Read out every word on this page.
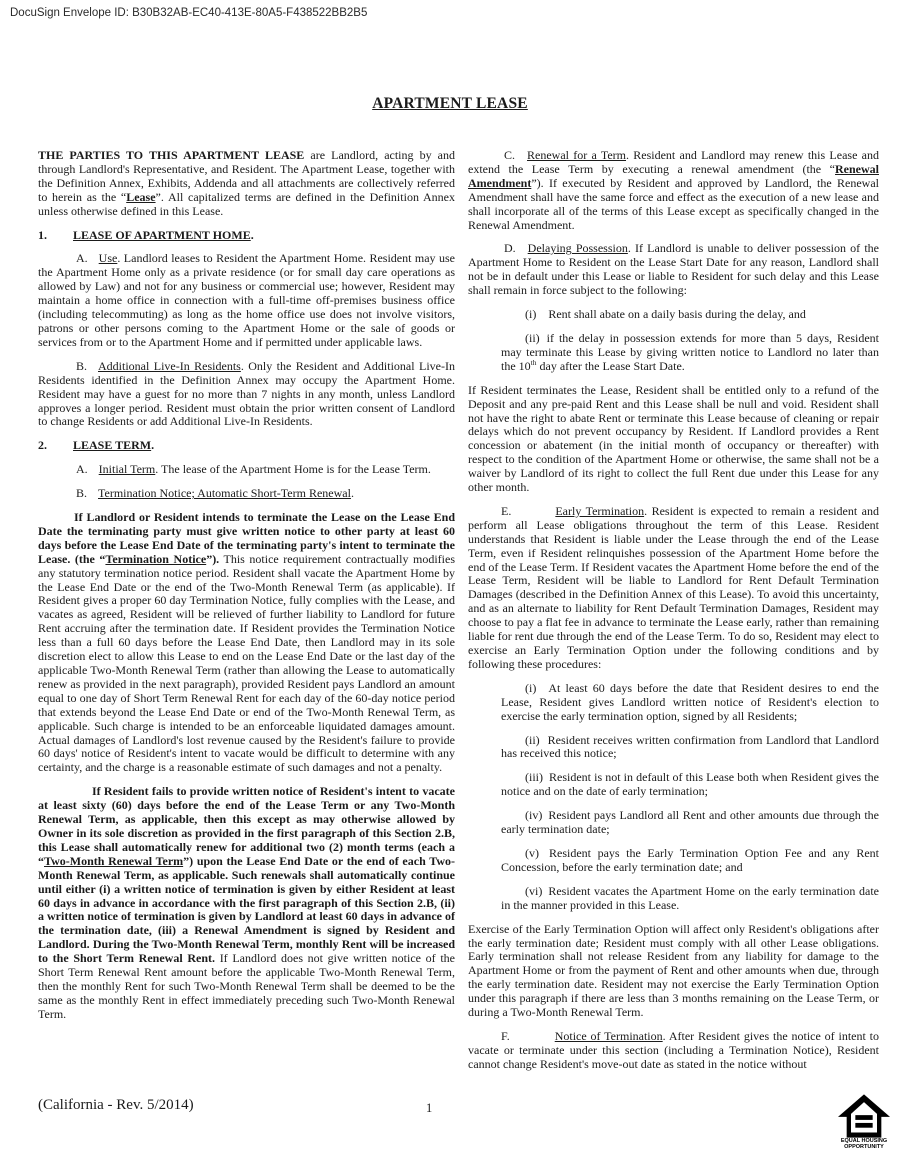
DocuSign Envelope ID: B30B32AB-EC40-413E-80A5-F438522BB2B5
APARTMENT LEASE

THE PARTIES TO THIS APARTMENT LEASE are Landlord, acting by and through Landlord's Representative, and Resident. The Apartment Lease, together with the Definition Annex, Exhibits, Addenda and all attachments are collectively referred to herein as the “Lease”. All capitalized terms are defined in the Definition Annex unless otherwise defined in this Lease.

1. LEASE OF APARTMENT HOME.

A. Use. Landlord leases to Resident the Apartment Home. Resident may use the Apartment Home only as a private residence (or for small day care operations as allowed by Law) and not for any business or commercial use; however, Resident may maintain a home office in connection with a full-time off-premises business office (including telecommuting) as long as the home office use does not involve visitors, patrons or other persons coming to the Apartment Home or the sale of goods or services from or to the Apartment Home and if permitted under applicable laws.

B. Additional Live-In Residents. Only the Resident and Additional Live-In Residents identified in the Definition Annex may occupy the Apartment Home. Resident may have a guest for no more than 7 nights in any month, unless Landlord approves a longer period. Resident must obtain the prior written consent of Landlord to change Residents or add Additional Live-In Residents.

2. LEASE TERM.

A. Initial Term. The lease of the Apartment Home is for the Lease Term.

B. Termination Notice; Automatic Short-Term Renewal.

If Landlord or Resident intends to terminate the Lease on the Lease End Date the terminating party must give written notice to other party at least 60 days before the Lease End Date of the terminating party's intent to terminate the Lease. (the “Termination Notice”). This notice requirement contractually modifies any statutory termination notice period. Resident shall vacate the Apartment Home by the Lease End Date or the end of the Two-Month Renewal Term (as applicable). If Resident gives a proper 60 day Termination Notice, fully complies with the Lease, and vacates as agreed, Resident will be relieved of further liability to Landlord for future Rent accruing after the termination date. If Resident provides the Termination Notice less than a full 60 days before the Lease End Date, then Landlord may in its sole discretion elect to allow this Lease to end on the Lease End Date or the last day of the applicable Two-Month Renewal Term (rather than allowing the Lease to automatically renew as provided in the next paragraph), provided Resident pays Landlord an amount equal to one day of Short Term Renewal Rent for each day of the 60-day notice period that extends beyond the Lease End Date or end of the Two-Month Renewal Term, as applicable. Such charge is intended to be an enforceable liquidated damages amount. Actual damages of Landlord's lost revenue caused by the Resident's failure to provide 60 days' notice of Resident's intent to vacate would be difficult to determine with any certainty, and the charge is a reasonable estimate of such damages and not a penalty.

If Resident fails to provide written notice of Resident's intent to vacate at least sixty (60) days before the end of the Lease Term or any Two-Month Renewal Term, as applicable, then this except as may otherwise allowed by Owner in its sole discretion as provided in the first paragraph of this Section 2.B, this Lease shall automatically renew for additional two (2) month terms (each a “Two-Month Renewal Term”) upon the Lease End Date or the end of each Two-Month Renewal Term, as applicable. Such renewals shall automatically continue until either (i) a written notice of termination is given by either Resident at least 60 days in advance in accordance with the first paragraph of this Section 2.B, (ii) a written notice of termination is given by Landlord at least 60 days in advance of the termination date, (iii) a Renewal Amendment is signed by Resident and Landlord. During the Two-Month Renewal Term, monthly Rent will be increased to the Short Term Renewal Rent. If Landlord does not give written notice of the Short Term Renewal Rent amount before the applicable Two-Month Renewal Term, then the monthly Rent for such Two-Month Renewal Term shall be deemed to be the same as the monthly Rent in effect immediately preceding such Two-Month Renewal Term.

C. Renewal for a Term. Resident and Landlord may renew this Lease and extend the Lease Term by executing a renewal amendment (the “Renewal Amendment”). If executed by Resident and approved by Landlord, the Renewal Amendment shall have the same force and effect as the execution of a new lease and shall incorporate all of the terms of this Lease except as specifically changed in the Renewal Amendment.

D. Delaying Possession. If Landlord is unable to deliver possession of the Apartment Home to Resident on the Lease Start Date for any reason, Landlord shall not be in default under this Lease or liable to Resident for such delay and this Lease shall remain in force subject to the following:

(i) Rent shall abate on a daily basis during the delay, and

(ii) if the delay in possession extends for more than 5 days, Resident may terminate this Lease by giving written notice to Landlord no later than the 10th day after the Lease Start Date.

If Resident terminates the Lease, Resident shall be entitled only to a refund of the Deposit and any pre-paid Rent and this Lease shall be null and void. Resident shall not have the right to abate Rent or terminate this Lease because of cleaning or repair delays which do not prevent occupancy by Resident. If Landlord provides a Rent concession or abatement (in the initial month of occupancy or thereafter) with respect to the condition of the Apartment Home or otherwise, the same shall not be a waiver by Landlord of its right to collect the full Rent due under this Lease for any other month.

E.	Early Termination. Resident is expected to remain a resident and perform all Lease obligations throughout the term of this Lease. Resident understands that Resident is liable under the Lease through the end of the Lease Term, even if Resident relinquishes possession of the Apartment Home before the end of the Lease Term. If Resident vacates the Apartment Home before the end of the Lease Term, Resident will be liable to Landlord for Rent Default Termination Damages (described in the Definition Annex of this Lease). To avoid this uncertainty, and as an alternate to liability for Rent Default Termination Damages, Resident may choose to pay a flat fee in advance to terminate the Lease early, rather than remaining liable for rent due through the end of the Lease Term. To do so, Resident may elect to exercise an Early Termination Option under the following conditions and by following these procedures:

(i) At least 60 days before the date that Resident desires to end the Lease, Resident gives Landlord written notice of Resident's election to exercise the early termination option, signed by all Residents;

(ii) Resident receives written confirmation from Landlord that Landlord has received this notice;

(iii) Resident is not in default of this Lease both when Resident gives the notice and on the date of early termination;

(iv) Resident pays Landlord all Rent and other amounts due through the early termination date;

(v) Resident pays the Early Termination Option Fee and any Rent Concession, before the early termination date; and

(vi) Resident vacates the Apartment Home on the early termination date in the manner provided in this Lease.

Exercise of the Early Termination Option will affect only Resident's obligations after the early termination date; Resident must comply with all other Lease obligations. Early termination shall not release Resident from any liability for damage to the Apartment Home or from the payment of Rent and other amounts when due, through the early termination date. Resident may not exercise the Early Termination Option under this paragraph if there are less than 3 months remaining on the Lease Term, or during a Two-Month Renewal Term.

F.	Notice of Termination. After Resident gives the notice of intent to vacate or terminate under this section (including a Termination Notice), Resident cannot change Resident's move-out date as stated in the notice without

(California - Rev. 5/2014)	1
EQUAL HOUSING
OPPORTUNITY
